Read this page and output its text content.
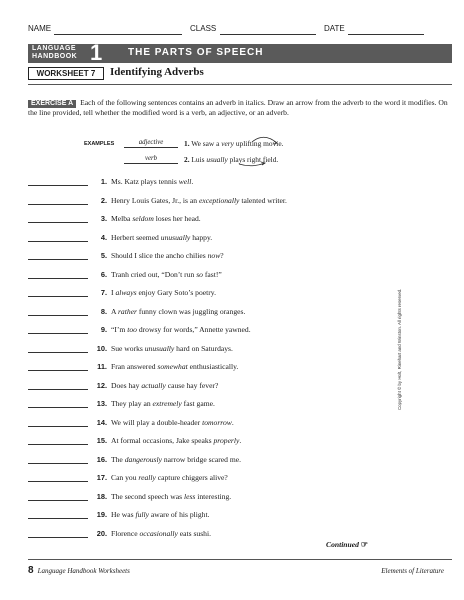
NAME	CLASS	DATE
LANGUAGE
HANDBOOK 1	THE PARTS OF SPEECH
WORKSHEET 7	Identifying Adverbs
EXERCISE A Each of the following sentences contains an adverb in italics. Draw an arrow from the adverb to the word it modifies. On the line provided, tell whether the modified word is a verb, an adjective, or an adverb.
EXAMPLES	adjective	1. We saw a very uplifting movie.
verb	2. Luis usually plays right field.
1. Ms. Katz plays tennis well.
2. Henry Louis Gates, Jr., is an exceptionally talented writer.
3. Melba seldom loses her head.
4. Herbert seemed unusually happy.
5. Should I slice the ancho chilies now?
6. Tranh cried out, “Don’t run so fast!”
7. I always enjoy Gary Soto’s poetry.
8. A rather funny clown was juggling oranges.
9. “I’m too drowsy for words,” Annette yawned.
10. Sue works unusually hard on Saturdays.
11. Fran answered somewhat enthusiastically.
12. Does hay actually cause hay fever?
13. They play an extremely fast game.
14. We will play a double-header tomorrow.
15. At formal occasions, Jake speaks properly.
16. The dangerously narrow bridge scared me.
17. Can you really capture chiggers alive?
18. The second speech was less interesting.
19. He was fully aware of his plight.
20. Florence occasionally eats sushi.
Continued ☞
8 Language Handbook Worksheets	Elements of Literature
Copyright © by Holt, Rinehart and Winston. All rights reserved.
